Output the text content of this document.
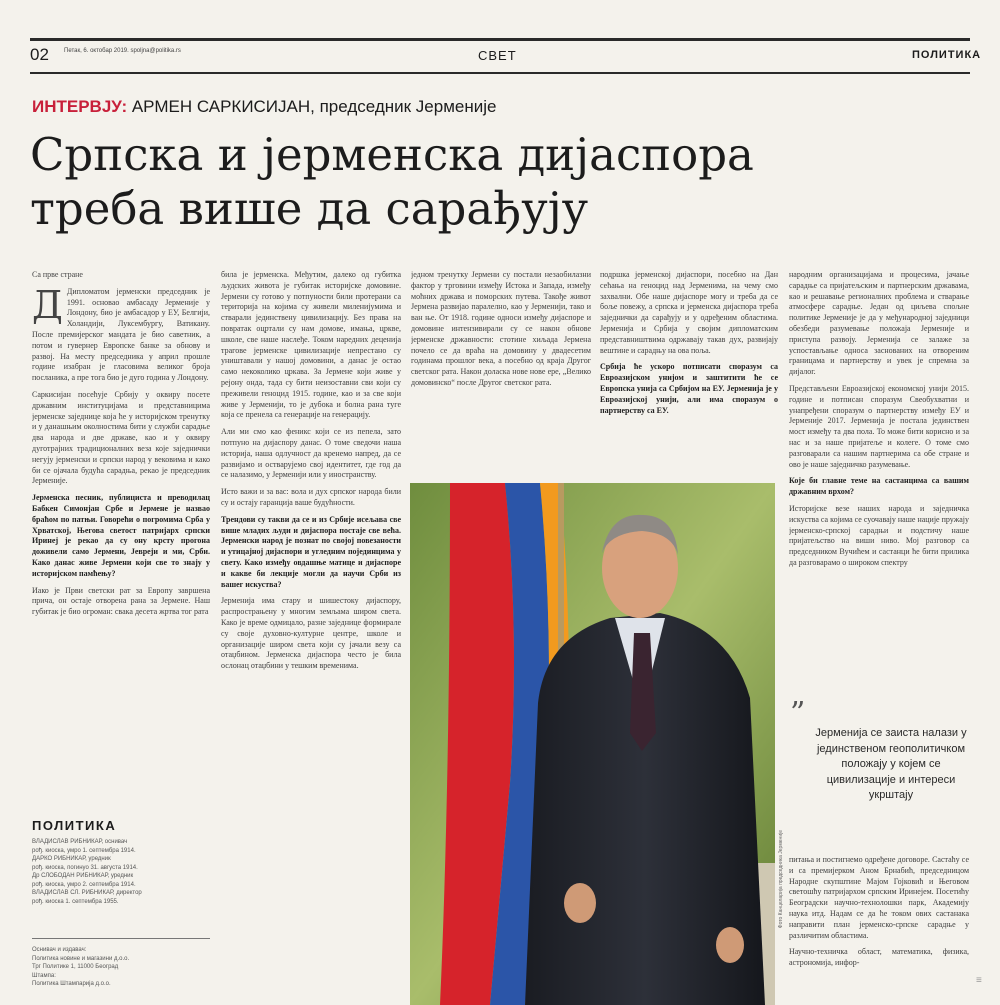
02	Петак, 6. октобар 2019. spoljna@politika.rs	СВЕТ	ПОЛИТИКА
ИНТЕРВЈУ: АРМЕН САРКИСИЈАН, председник Јерменије
Српска и јерменска дијаспора
треба више да сарађују
Са прве стране

Д Дипломатом јерменски председник је 1991. основао амбасаду Јерменије у Лондону, био је амбасадор у ЕУ, Белгији, Холандији, Луксембургу, Ватикану. После премијерског мандата је био саветник, а потом и гувернер Европске банке за обнову и развој. На месту председника у април прошле године изабран је гласовима великог броја посланика, а пре тога био је дуго година у Лондону.

Саркисијан посећује Србију у оквиру посете државним институцијама и представницима јерменске заједнице која ће у историјском тренутку и у данашњим околностима бити у служби сарадње два народа и две државе, као и у оквиру дуготрајних традиционалних веза које заједнички негују јерменски и српски народ у вековима и како би се ојачала будућа сарадња, рекао је председник Јерменије.

Јерменска песник, публициста и преводилац Бабкен Симонјан Србе и Јермене је назвао браћом по патњи. Говорећи о погромима Срба у Хрватској, Његова светост патријарх српски Иринеј је рекао да су ону крсту прогона доживели само Јермени, Јевреји и ми, Срби. Како данас живе Јермени који све то знају у историјском памћењу?

Иако је Први светски рат за Европу завршена прича, он остаје отворена рана за Јермене. Наш губитак је био огроман: свака десета жртва тог рата

ПОЛИТИКА
ВЛАДИСЛАВ РИБНИКАР, оснивач
рођ. киоска, умро 1. септембра 1914.
ДАРКО РИБНИКАР, уредник
рођ. киоска, погинуо 31. августа 1914.
Др СЛОБОДАН РИБНИКАР, уредник
рођ. киоска, умро 2. септембра 1914.
ВЛАДИСЛАВ СЛ. РИБНИКАР, директор
рођ. киоска 1. септембра 1955.
Оснивач и издавач:
Политика новине и магазини д.о.о.
Трг Политике 1, 11000 Београд
Штампа:
Политика Штампарија д.о.о.

била је јерменска. Међутим, далеко од губитка људских живота је губитак историјске домовине. Јермени су готово у потпуности били протерани са територија на којима су живели миленијумима и стварали јединствену цивилизацију. Без права на повратак оцртали су нам домове, имања, цркве, школе, све наше наслеђе. Током наредних деценија трагове јерменске цивилизације непрестано су уништавали у нашој домовини, а данас је остао само некоколико цркава. За Јермене који живе у рејону онда, тада су бити неизоставни сви који су преживели геноцид 1915. године, као и за све који живе у Јерменији, то је дубока и болна рана туге која се пренела са генерације на генерацију.

Али ми смо као феникс који се из пепела, зато потпуно на дијаспору данас. О томе сведочи наша историја, наша одлучност да кренемо напред, да се развијамо и остварујемо свој идентитет, где год да се налазимо, у Јерменији или у иностранству.

Исто важи и за вас: вола и дух српског народа били су и остају гаранција ваше будућности.

Трендови су такви да се и из Србије исељава све више младих људи и дијаспора постаје све већа. Јерменски народ је познат по својој повезаности и утицајној дијаспори и угледним појединцима у свету. Како између овдашње матице и дијаспоре и какве би лекције могли да научи Срби из вашег искуства?

Јерменија има стару и шишестоку дијаспору, распрострањену у многим земљама широм света. Како је време одмицало, разне заједнице формирале су своје духовно-културне центре, школе и организације широм света који су јачали везу са отаџбином. Јерменска дијаспора често је била ослонац отаџбини у тешким временима.

једном тренутку Јермени су постали незаобилазни фактор у трговини између Истока и Запада, између моћних држава и поморских путева. Такође живот Јермена развијао паралелно, као у Јерменији, тако и ван ње. От 1918. године односи између дијаспоре и домовине интензивирали су се након обнове јерменске државности: стотине хиљада Јермена почело се да враћа на домовину у двадесетим годинама прошлог века, а посебно од краја Другог светског рата. Након доласка нове нове ере, „Велико домовинско“ после Другог светског рата.

подршка јерменској дијаспори, посебно на Дан сећања на геноцид над Јерменима, на чему смо захвални. Обе наше дијаспоре могу и треба да се боље повежу, а српска и јерменска дијаспора треба заједнички да сарађују и у одређеним областима. Јерменија и Србија у својим дипломатским представништвима одржавају такав дух, развијају вештине и сарадњу на ова поља.

Србија ће ускоро потписати споразум са Евроазијском унијом и заштитити ће се Европска унија са Србијом на ЕУ. Јерменија је у Евроазијској унији, али има споразум о партнерству са ЕУ.

народним организацијама и процесима, јачање сарадње са пријатељским и партнерским државама, као и решавање регионалних проблема и стварање атмосфере сарадње. Један од циљева спољне политике Јерменије је да у међународној заједници обезбеди разумевање положаја Јерменије и приступа развоју. Јерменија се залаже за успостављање односа заснованих на отвореним границама и партнерству и увек је спремна за дијалог.

Представљени Евроазијској економској унији 2015. године и потписан споразум Свеобухватни и унапређени споразум о партнерству између ЕУ и Јерменије 2017. Јерменија је постала јединствен мост између та два пола. То може бити корисно и за нас и за наше пријатеље и колеге. О томе смо разговарали са нашим партнерима са обе стране и ово је наше заједничко разумевање.

Које би главне теме на састанцима са вашим државним врхом?

Историјске везе наших народа и заједничка искуства са којима се суочавају наше нације пружају јерменско-српској сарадњи и подстичу наше пријатељство на виши ниво. Мој разговор са председником Вучићем и састанци ће бити прилика да разговарамо о широком спектру

”
Јерменија се заиста налази у јединственом геополитичком положају у којем се цивилизације и интереси укрштају

питања и постигнемо одређене договоре. Састаћу се и са премијерком Аном Брнабић, председницом Народне скупштине Мајом Гојковић и Његовом светошћу патријархом српским Иринејем. Посетићу Београдски научно-технолошки парк, Академију наука итд. Надам се да ће током ових састанака направити план јерменско-српске сарадње у различитим областима.

Научно-техничка област, математика, физика, астрономија, инфор-

Фото Канцеларија председника Јерменије
≡
